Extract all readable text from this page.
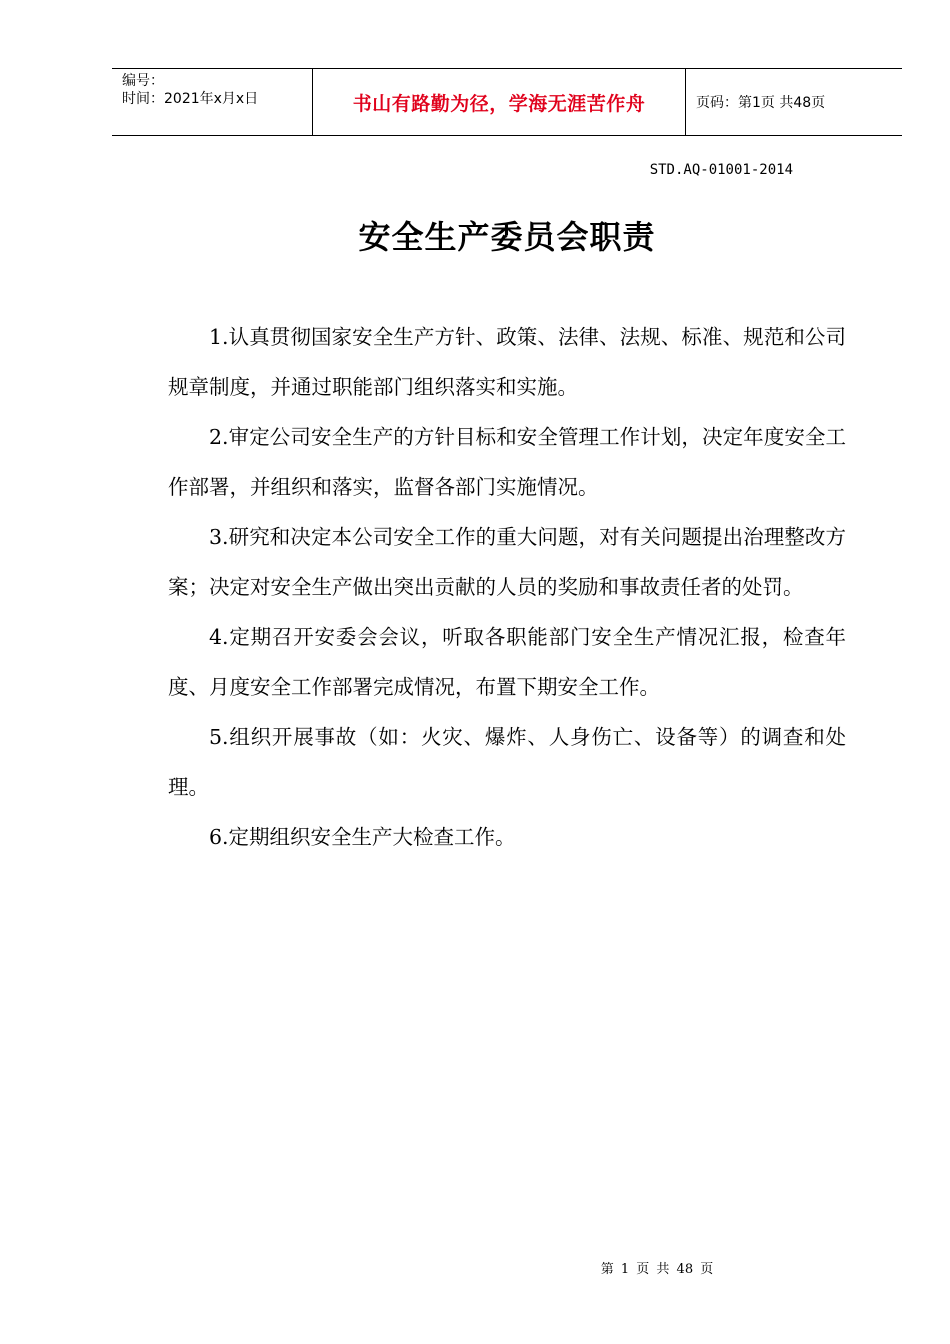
编号：
时间：2021年x月x日	书山有路勤为径，学海无涯苦作舟	页码：第1页 共48页
STD.AQ-01001-2014
安全生产委员会职责

1.认真贯彻国家安全生产方针、政策、法律、法规、标准、规范和公司规章制度，并通过职能部门组织落实和实施。

2.审定公司安全生产的方针目标和安全管理工作计划，决定年度安全工作部署，并组织和落实，监督各部门实施情况。

3.研究和决定本公司安全工作的重大问题，对有关问题提出治理整改方案；决定对安全生产做出突出贡献的人员的奖励和事故责任者的处罚。

4.定期召开安委会会议，听取各职能部门安全生产情况汇报，检查年度、月度安全工作部署完成情况，布置下期安全工作。

5.组织开展事故（如：火灾、爆炸、人身伤亡、设备等）的调查和处理。

6.定期组织安全生产大检查工作。

第 1 页 共 48 页
